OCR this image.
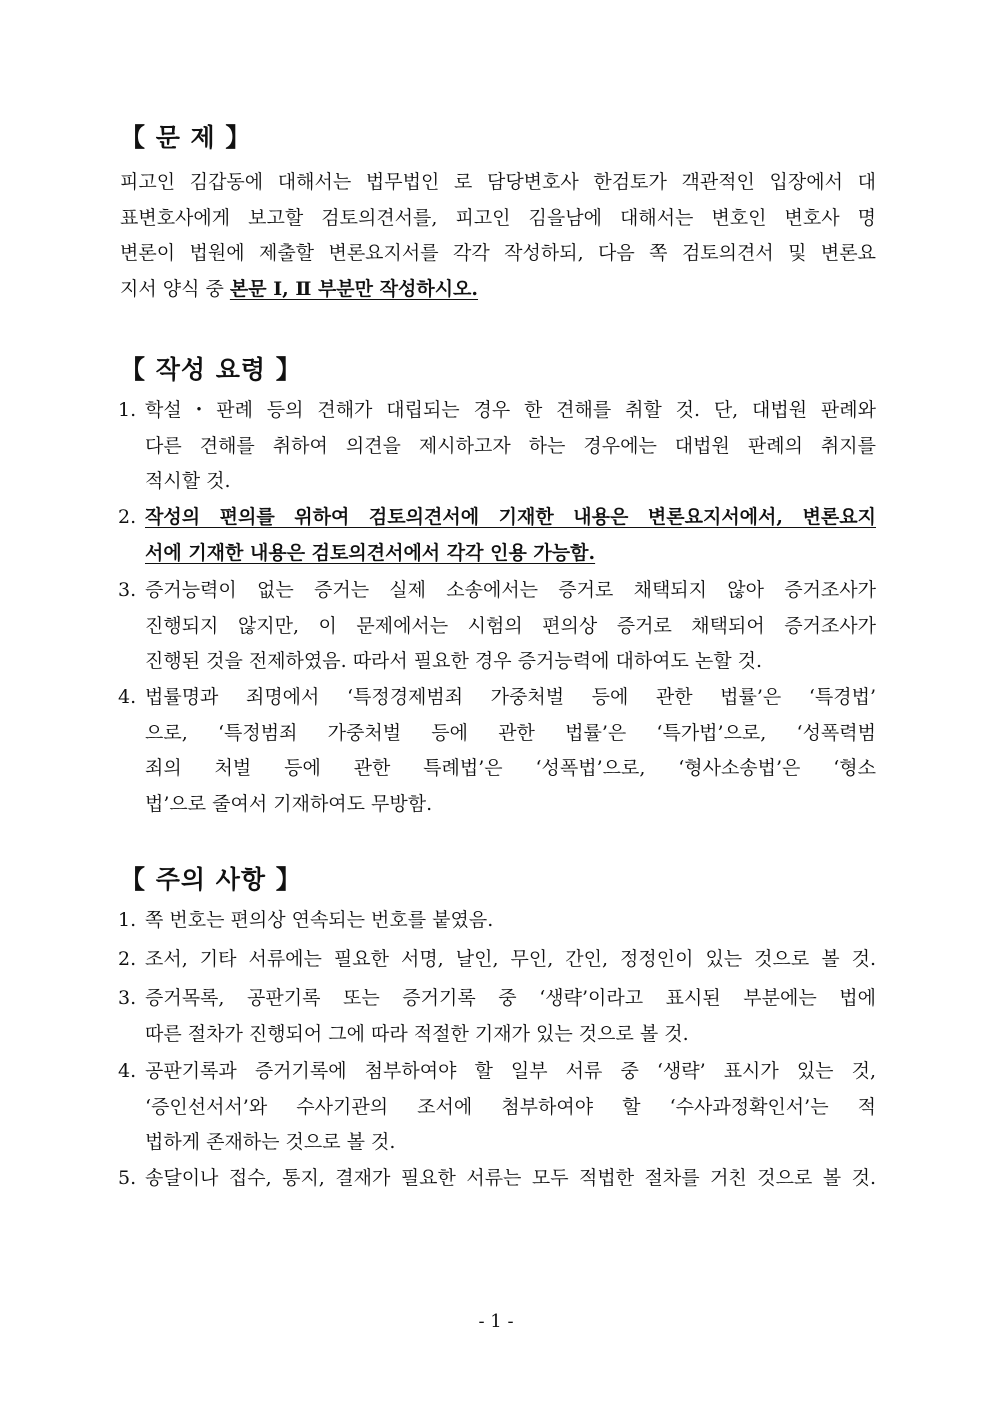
【 문 제 】
피고인 김갑동에 대해서는 법무법인 로 담당변호사 한검토가 객관적인 입장에서 대
표변호사에게 보고할 검토의견서를, 피고인 김을남에 대해서는 변호인 변호사 명
변론이 법원에 제출할 변론요지서를 각각 작성하되, 다음 쪽 검토의견서 및 변론요
지서 양식 중 본문 Ⅰ, Ⅱ 부분만 작성하시오.
【 작성 요령 】
1. 학설・판례 등의 견해가 대립되는 경우 한 견해를 취할 것. 단, 대법원 판례와
다른 견해를 취하여 의견을 제시하고자 하는 경우에는 대법원 판례의 취지를
적시할 것.
2. 작성의 편의를 위하여 검토의견서에 기재한 내용은 변론요지서에서, 변론요지
서에 기재한 내용은 검토의견서에서 각각 인용 가능함.
3. 증거능력이 없는 증거는 실제 소송에서는 증거로 채택되지 않아 증거조사가
진행되지 않지만, 이 문제에서는 시험의 편의상 증거로 채택되어 증거조사가
진행된 것을 전제하였음. 따라서 필요한 경우 증거능력에 대하여도 논할 것.
4. 법률명과 죄명에서 ‘특정경제범죄 가중처벌 등에 관한 법률’은 ‘특경법’
으로, ‘특정범죄 가중처벌 등에 관한 법률’은 ‘특가법’으로, ‘성폭력범
죄의 처벌 등에 관한 특례법’은 ‘성폭법’으로, ‘형사소송법’은 ‘형소
법’으로 줄여서 기재하여도 무방함.
【 주의 사항 】
1. 쪽 번호는 편의상 연속되는 번호를 붙였음.
2. 조서, 기타 서류에는 필요한 서명, 날인, 무인, 간인, 정정인이 있는 것으로 볼 것.
3. 증거목록, 공판기록 또는 증거기록 중 ‘생략’이라고 표시된 부분에는 법에
따른 절차가 진행되어 그에 따라 적절한 기재가 있는 것으로 볼 것.
4. 공판기록과 증거기록에 첨부하여야 할 일부 서류 중 ‘생략’ 표시가 있는 것,
‘증인선서서’와 수사기관의 조서에 첨부하여야 할 ‘수사과정확인서’는 적
법하게 존재하는 것으로 볼 것.
5. 송달이나 접수, 통지, 결재가 필요한 서류는 모두 적법한 절차를 거친 것으로 볼 것.
- 1 -
